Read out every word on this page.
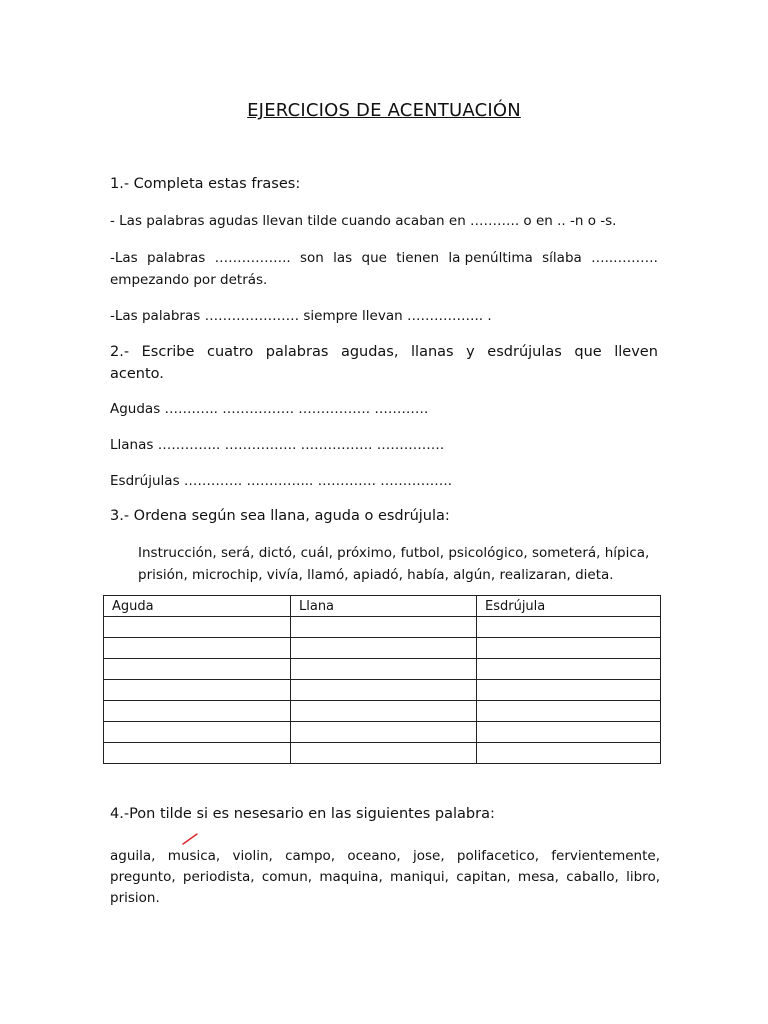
EJERCICIOS DE ACENTUACIÓN
1.- Completa estas frases:
- Las palabras agudas llevan tilde cuando acaban en ……….. o en .. -n o -s.
-Las palabras …………….. son las que tienen la penúltima sílaba …..……….
empezando por detrás.
-Las palabras ………………… siempre llevan …………….. .
2.- Escribe cuatro palabras agudas, llanas y esdrújulas que lleven
acento.
Agudas …….….. ……………. ……………. …………
Llanas ………….. ……………. ……………. ……………
Esdrújulas …………. …………... …………. …………….
3.- Ordena según sea llana, aguda o esdrújula:
Instrucción, será, dictó, cuál, próximo, futbol, psicológico, someterá, hípica,
prisión, microchip, vivía, llamó, apiadó, había, algún, realizaran, dieta.
Aguda	Llana	Esdrújula

4.-Pon tilde si es nesesario en las siguientes palabra:
aguila, musica, violin, campo, oceano, jose, polifacetico, fervientemente, pregunto, periodista, comun, maquina, maniqui, capitan, mesa, caballo, libro, prision.
